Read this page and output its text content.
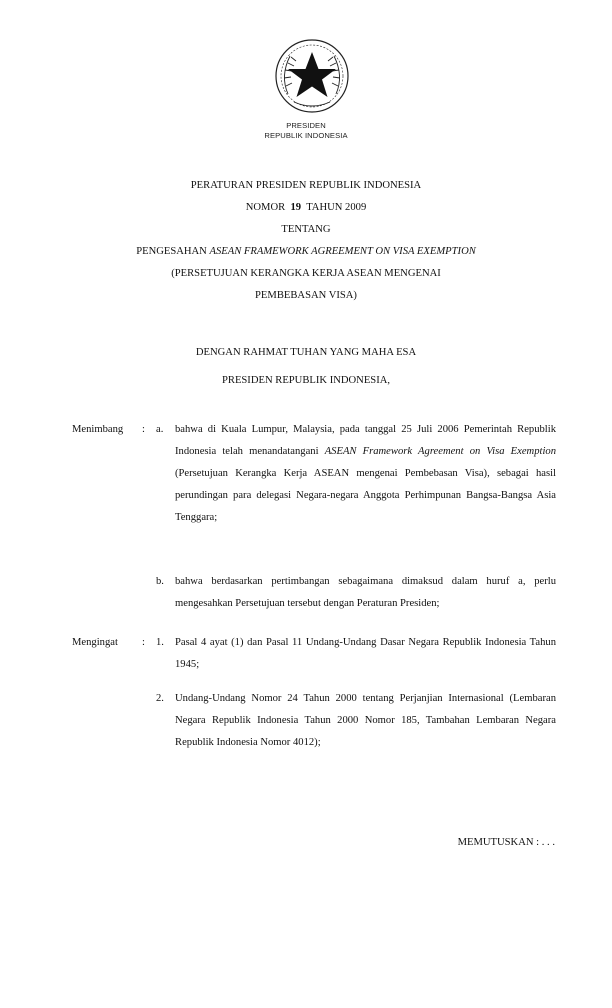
PRESIDEN
REPUBLIK INDONESIA
PERATURAN PRESIDEN REPUBLIK INDONESIA
NOMOR 19 TAHUN 2009
TENTANG
PENGESAHAN ASEAN FRAMEWORK AGREEMENT ON VISA EXEMPTION
(PERSETUJUAN KERANGKA KERJA ASEAN MENGENAI
PEMBEBASAN VISA)
DENGAN RAHMAT TUHAN YANG MAHA ESA
PRESIDEN REPUBLIK INDONESIA,
Menimbang : a. bahwa di Kuala Lumpur, Malaysia, pada tanggal 25 Juli 2006 Pemerintah Republik Indonesia telah menandatangani ASEAN Framework Agreement on Visa Exemption (Persetujuan Kerangka Kerja ASEAN mengenai Pembebasan Visa), sebagai hasil perundingan para delegasi Negara-negara Anggota Perhimpunan Bangsa-Bangsa Asia Tenggara;
b. bahwa berdasarkan pertimbangan sebagaimana dimaksud dalam huruf a, perlu mengesahkan Persetujuan tersebut dengan Peraturan Presiden;
Mengingat : 1. Pasal 4 ayat (1) dan Pasal 11 Undang-Undang Dasar Negara Republik Indonesia Tahun 1945;
2. Undang-Undang Nomor 24 Tahun 2000 tentang Perjanjian Internasional (Lembaran Negara Republik Indonesia Tahun 2000 Nomor 185, Tambahan Lembaran Negara Republik Indonesia Nomor 4012);
MEMUTUSKAN : . . .
